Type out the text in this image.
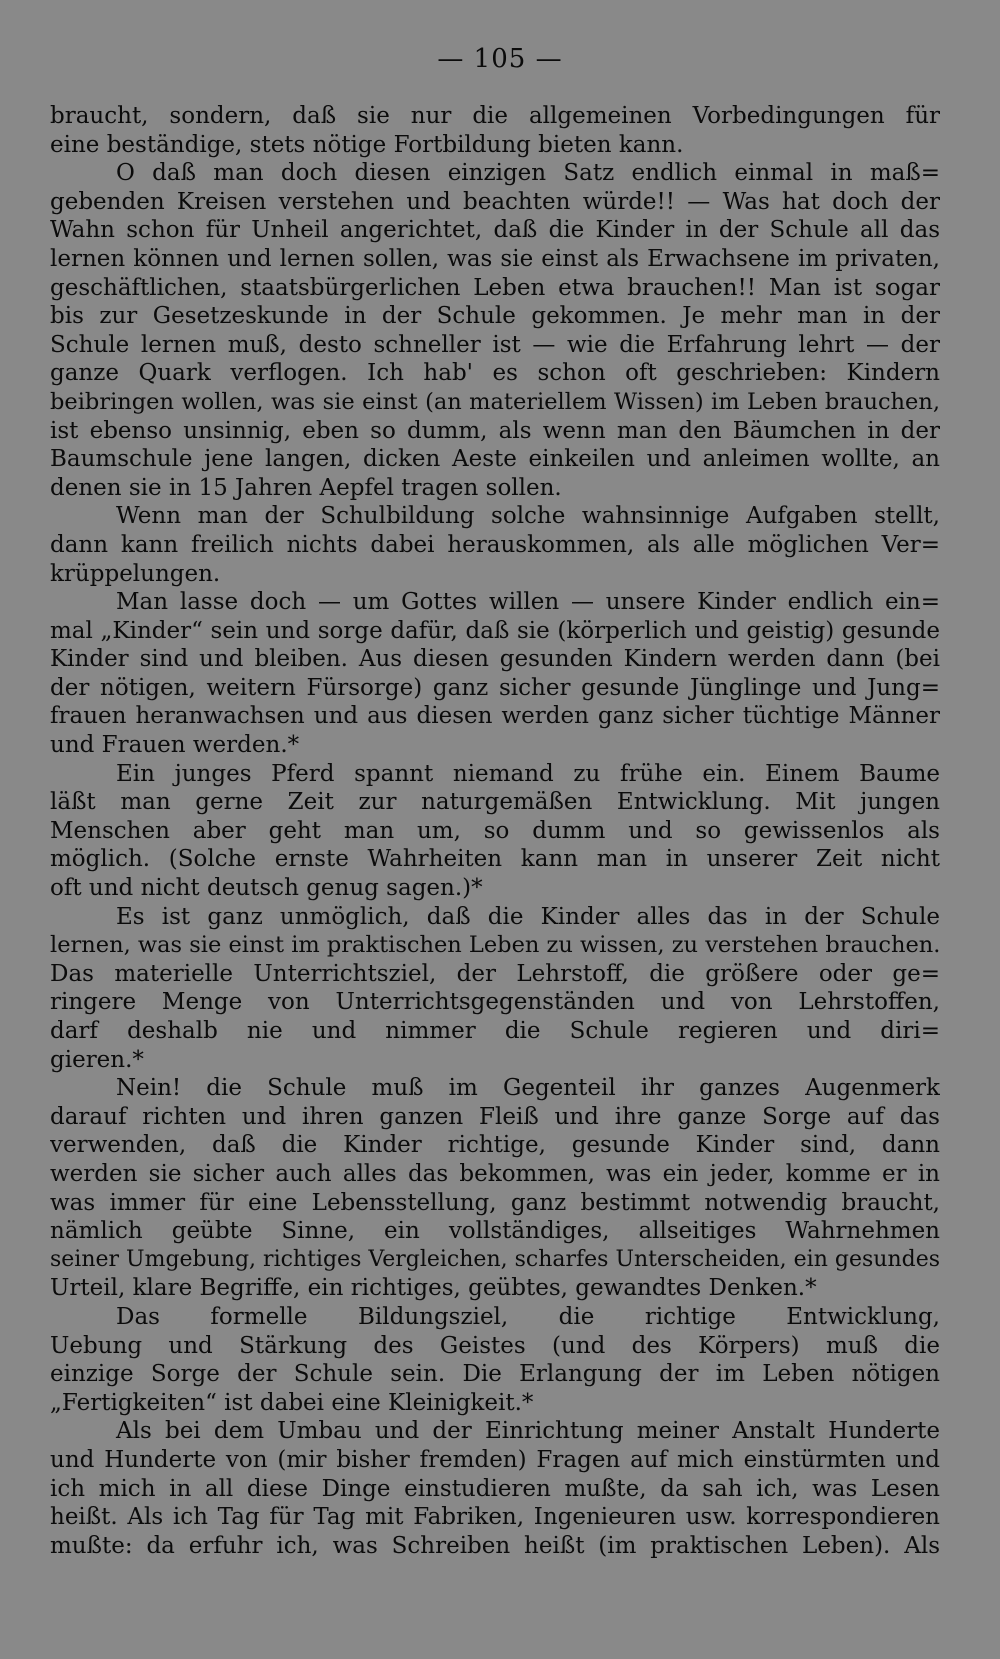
— 105 —
braucht, sondern, daß sie nur die allgemeinen Vorbedingungen für
eine beständige, stets nötige Fortbildung bieten kann.
O daß man doch diesen einzigen Satz endlich einmal in maß=
gebenden Kreisen verstehen und beachten würde!! — Was hat doch der
Wahn schon für Unheil angerichtet, daß die Kinder in der Schule all das
lernen können und lernen sollen, was sie einst als Erwachsene im privaten,
geschäftlichen, staatsbürgerlichen Leben etwa brauchen!! Man ist sogar
bis zur Gesetzeskunde in der Schule gekommen. Je mehr man in der
Schule lernen muß, desto schneller ist — wie die Erfahrung lehrt — der
ganze Quark verflogen. Ich hab' es schon oft geschrieben: Kindern
beibringen wollen, was sie einst (an materiellem Wissen) im Leben brauchen,
ist ebenso unsinnig, eben so dumm, als wenn man den Bäumchen in der
Baumschule jene langen, dicken Aeste einkeilen und anleimen wollte, an
denen sie in 15 Jahren Aepfel tragen sollen.
Wenn man der Schulbildung solche wahnsinnige Aufgaben stellt,
dann kann freilich nichts dabei herauskommen, als alle möglichen Ver=
krüppelungen.
Man lasse doch — um Gottes willen — unsere Kinder endlich ein=
mal „Kinder“ sein und sorge dafür, daß sie (körperlich und geistig) gesunde
Kinder sind und bleiben. Aus diesen gesunden Kindern werden dann (bei
der nötigen, weitern Fürsorge) ganz sicher gesunde Jünglinge und Jung=
frauen heranwachsen und aus diesen werden ganz sicher tüchtige Männer
und Frauen werden.*
Ein junges Pferd spannt niemand zu frühe ein. Einem Baume
läßt man gerne Zeit zur naturgemäßen Entwicklung. Mit jungen
Menschen aber geht man um, so dumm und so gewissenlos als
möglich. (Solche ernste Wahrheiten kann man in unserer Zeit nicht
oft und nicht deutsch genug sagen.)*
Es ist ganz unmöglich, daß die Kinder alles das in der Schule
lernen, was sie einst im praktischen Leben zu wissen, zu verstehen brauchen.
Das materielle Unterrichtsziel, der Lehrstoff, die größere oder ge=
ringere Menge von Unterrichtsgegenständen und von Lehrstoffen,
darf deshalb nie und nimmer die Schule regieren und diri=
gieren.*
Nein! die Schule muß im Gegenteil ihr ganzes Augenmerk
darauf richten und ihren ganzen Fleiß und ihre ganze Sorge auf das
verwenden, daß die Kinder richtige, gesunde Kinder sind, dann
werden sie sicher auch alles das bekommen, was ein jeder, komme er in
was immer für eine Lebensstellung, ganz bestimmt notwendig braucht,
nämlich geübte Sinne, ein vollständiges, allseitiges Wahrnehmen
seiner Umgebung, richtiges Vergleichen, scharfes Unterscheiden, ein gesundes
Urteil, klare Begriffe, ein richtiges, geübtes, gewandtes Denken.*
Das formelle Bildungsziel, die richtige Entwicklung,
Uebung und Stärkung des Geistes (und des Körpers) muß die
einzige Sorge der Schule sein. Die Erlangung der im Leben nötigen
„Fertigkeiten“ ist dabei eine Kleinigkeit.*
Als bei dem Umbau und der Einrichtung meiner Anstalt Hunderte
und Hunderte von (mir bisher fremden) Fragen auf mich einstürmten und
ich mich in all diese Dinge einstudieren mußte, da sah ich, was Lesen
heißt. Als ich Tag für Tag mit Fabriken, Ingenieuren usw. korrespondieren
mußte: da erfuhr ich, was Schreiben heißt (im praktischen Leben). Als
